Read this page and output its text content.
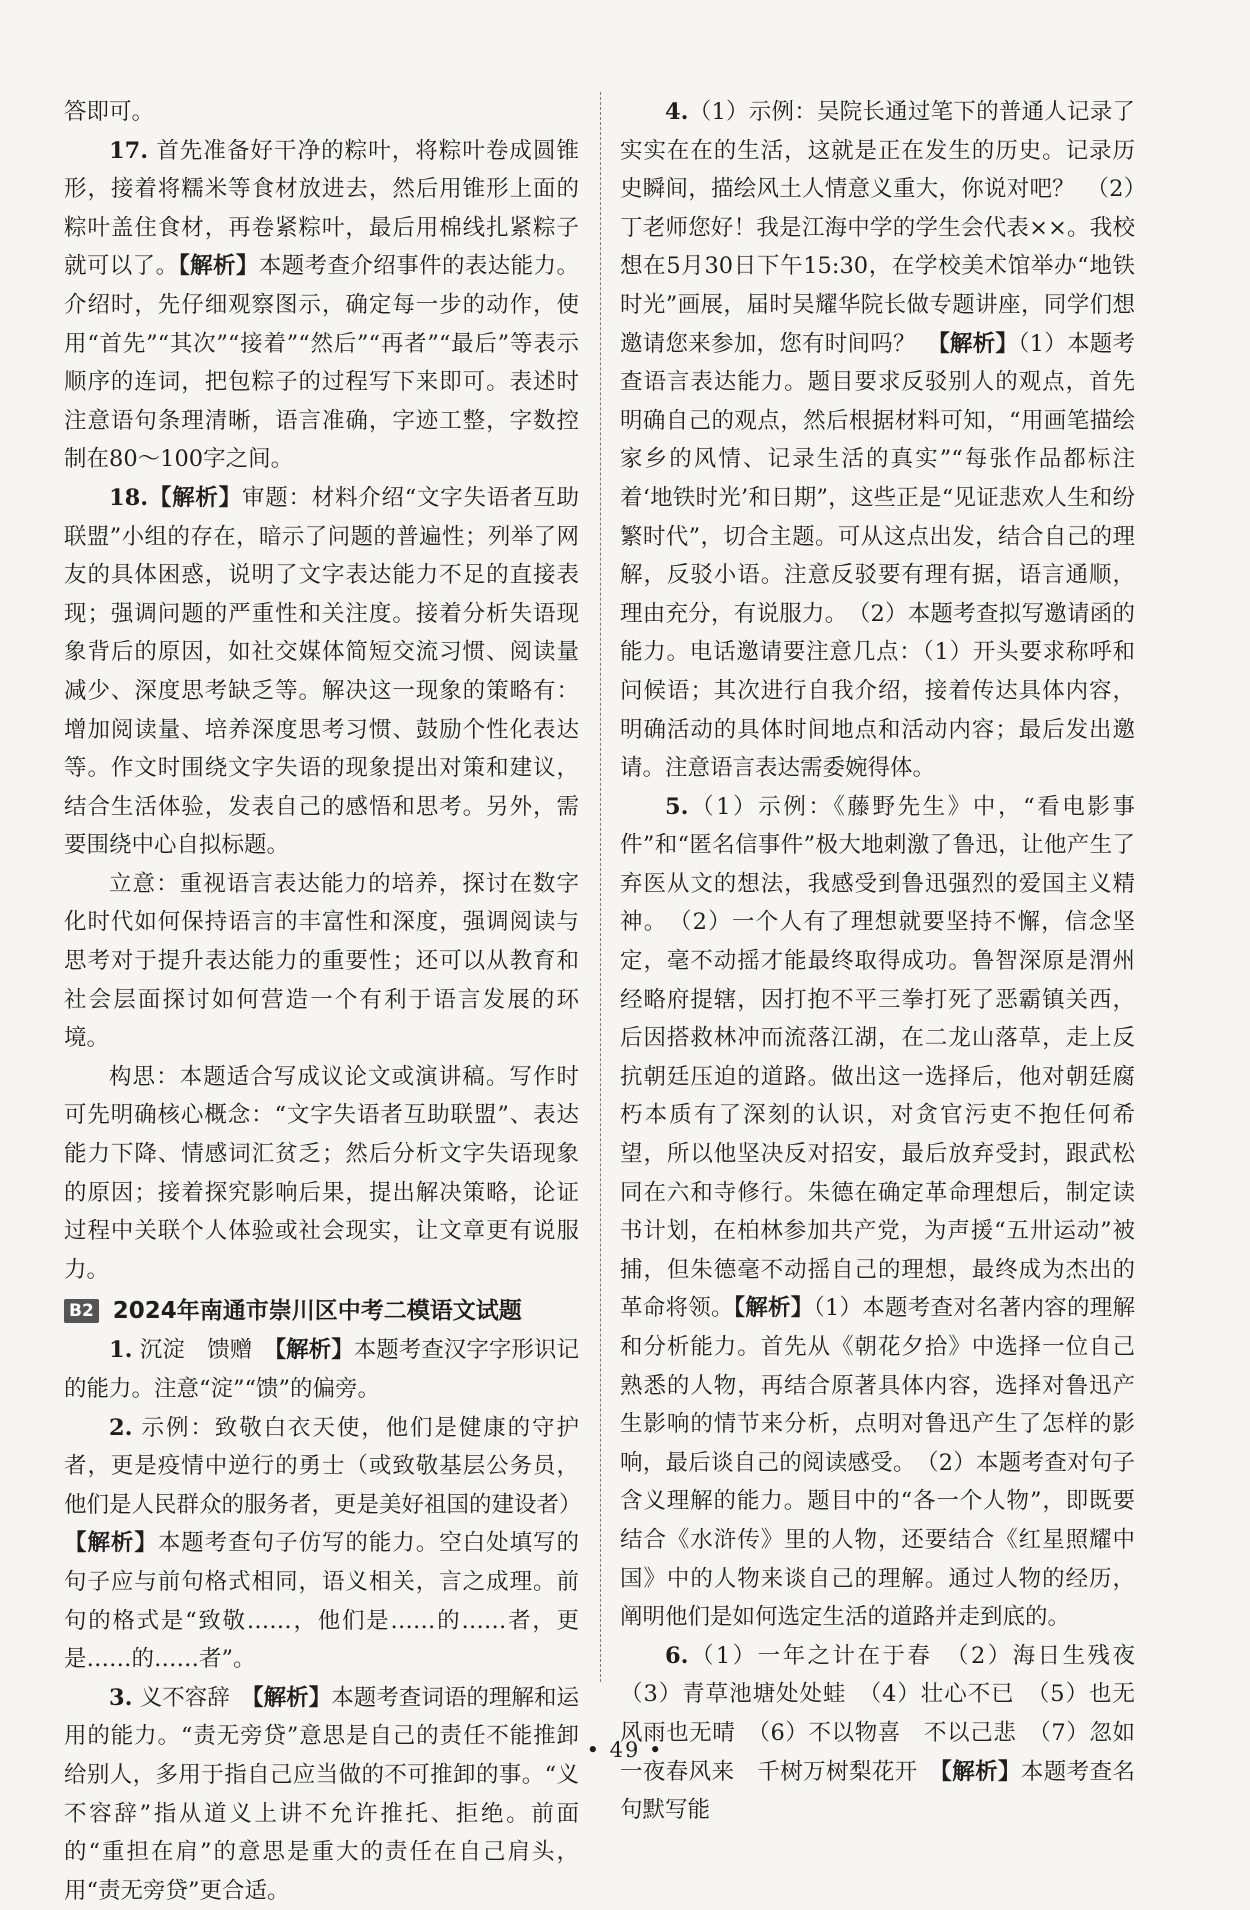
答即可。

17. 首先准备好干净的粽叶，将粽叶卷成圆锥形，接着将糯米等食材放进去，然后用锥形上面的粽叶盖住食材，再卷紧粽叶，最后用棉线扎紧粽子就可以了。【解析】本题考查介绍事件的表达能力。介绍时，先仔细观察图示，确定每一步的动作，使用“首先”“其次”“接着”“然后”“再者”“最后”等表示顺序的连词，把包粽子的过程写下来即可。表述时注意语句条理清晰，语言准确，字迹工整，字数控制在80～100字之间。

18.【解析】审题：材料介绍“文字失语者互助联盟”小组的存在，暗示了问题的普遍性；列举了网友的具体困惑，说明了文字表达能力不足的直接表现；强调问题的严重性和关注度。接着分析失语现象背后的原因，如社交媒体简短交流习惯、阅读量减少、深度思考缺乏等。解决这一现象的策略有：增加阅读量、培养深度思考习惯、鼓励个性化表达等。作文时围绕文字失语的现象提出对策和建议，结合生活体验，发表自己的感悟和思考。另外，需要围绕中心自拟标题。

立意：重视语言表达能力的培养，探讨在数字化时代如何保持语言的丰富性和深度，强调阅读与思考对于提升表达能力的重要性；还可以从教育和社会层面探讨如何营造一个有利于语言发展的环境。

构思：本题适合写成议论文或演讲稿。写作时可先明确核心概念：“文字失语者互助联盟”、表达能力下降、情感词汇贫乏；然后分析文字失语现象的原因；接着探究影响后果，提出解决策略，论证过程中关联个人体验或社会现实，让文章更有说服力。

B2 2024年南通市崇川区中考二模语文试题

1. 沉淀　馈赠　【解析】本题考查汉字字形识记的能力。注意“淀”“馈”的偏旁。

2. 示例：致敬白衣天使，他们是健康的守护者，更是疫情中逆行的勇士（或致敬基层公务员，他们是人民群众的服务者，更是美好祖国的建设者）【解析】本题考查句子仿写的能力。空白处填写的句子应与前句格式相同，语义相关，言之成理。前句的格式是“致敬……，他们是……的……者，更是……的……者”。

3. 义不容辞　【解析】本题考查词语的理解和运用的能力。“责无旁贷”意思是自己的责任不能推卸给别人，多用于指自己应当做的不可推卸的事。“义不容辞”指从道义上讲不允许推托、拒绝。前面的“重担在肩”的意思是重大的责任在自己肩头，用“责无旁贷”更合适。

4.（1）示例：吴院长通过笔下的普通人记录了实实在在的生活，这就是正在发生的历史。记录历史瞬间，描绘风土人情意义重大，你说对吧？　（2）丁老师您好！我是江海中学的学生会代表××。我校想在5月30日下午15:30，在学校美术馆举办“地铁时光”画展，届时吴耀华院长做专题讲座，同学们想邀请您来参加，您有时间吗？　【解析】（1）本题考查语言表达能力。题目要求反驳别人的观点，首先明确自己的观点，然后根据材料可知，“用画笔描绘家乡的风情、记录生活的真实”“每张作品都标注着‘地铁时光’和日期”，这些正是“见证悲欢人生和纷繁时代”，切合主题。可从这点出发，结合自己的理解，反驳小语。注意反驳要有理有据，语言通顺，理由充分，有说服力。　（2）本题考查拟写邀请函的能力。电话邀请要注意几点：（1）开头要求称呼和问候语；其次进行自我介绍，接着传达具体内容，明确活动的具体时间地点和活动内容；最后发出邀请。注意语言表达需委婉得体。

5.（1）示例：《藤野先生》中，“看电影事件”和“匿名信事件”极大地刺激了鲁迅，让他产生了弃医从文的想法，我感受到鲁迅强烈的爱国主义精神。　（2）一个人有了理想就要坚持不懈，信念坚定，毫不动摇才能最终取得成功。鲁智深原是渭州经略府提辖，因打抱不平三拳打死了恶霸镇关西，后因搭救林冲而流落江湖，在二龙山落草，走上反抗朝廷压迫的道路。做出这一选择后，他对朝廷腐朽本质有了深刻的认识，对贪官污吏不抱任何希望，所以他坚决反对招安，最后放弃受封，跟武松同在六和寺修行。朱德在确定革命理想后，制定读书计划，在柏林参加共产党，为声援“五卅运动”被捕，但朱德毫不动摇自己的理想，最终成为杰出的革命将领。【解析】（1）本题考查对名著内容的理解和分析能力。首先从《朝花夕拾》中选择一位自己熟悉的人物，再结合原著具体内容，选择对鲁迅产生影响的情节来分析，点明对鲁迅产生了怎样的影响，最后谈自己的阅读感受。　（2）本题考查对句子含义理解的能力。题目中的“各一个人物”，即既要结合《水浒传》里的人物，还要结合《红星照耀中国》中的人物来谈自己的理解。通过人物的经历，阐明他们是如何选定生活的道路并走到底的。

6.（1）一年之计在于春　（2）海日生残夜　（3）青草池塘处处蛙　（4）壮心不已　（5）也无风雨也无晴　（6）不以物喜　不以己悲　（7）忽如一夜春风来　千树万树梨花开　【解析】本题考查名句默写能

• 49 •
